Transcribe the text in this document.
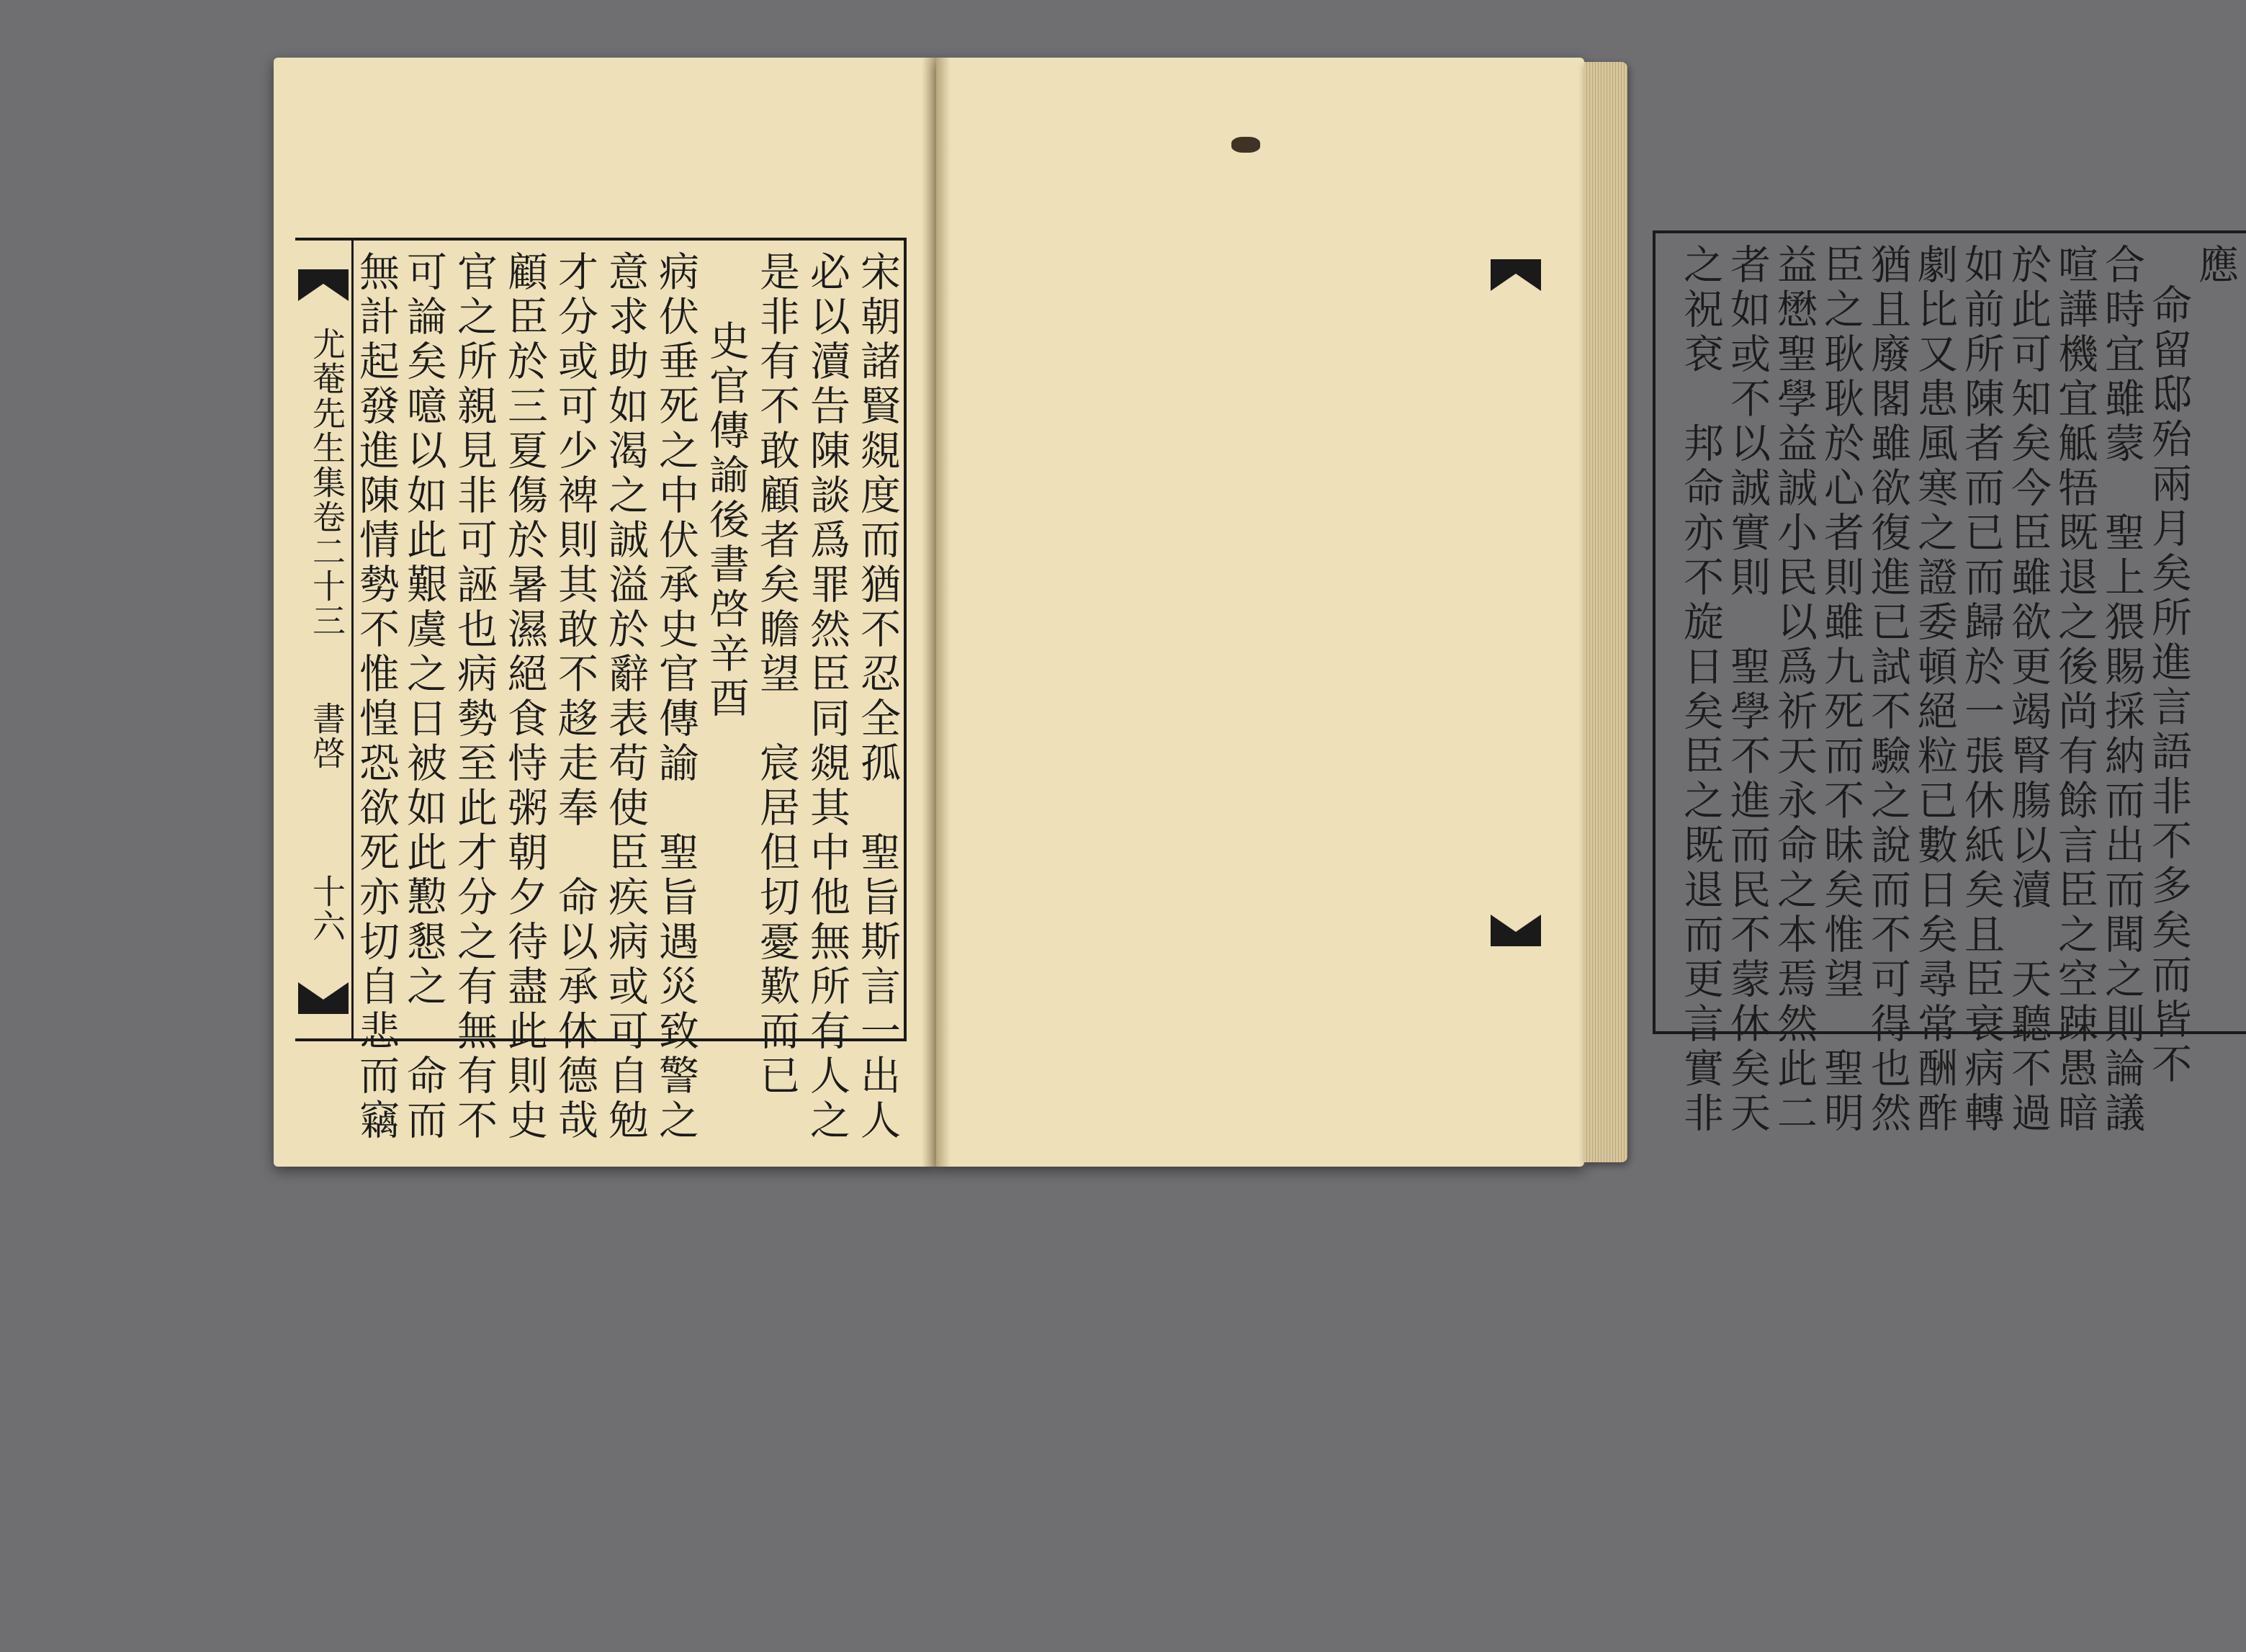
宋朝諸賢覢度而猶不忍全孤　聖旨斯言一出人
必以瀆告陳談爲罪然臣同覢其中他無所有人之
是非有不敢顧者矣瞻望　宸居但切憂歎而已
史官傳諭後書啓辛酉
病伏垂死之中伏承史官傳諭　聖旨遇災致警之
意求助如渴之誠溢於辭表苟使臣疾病或可自勉
才分或可少裨則其敢不趍走奉　命以承休德哉
顧臣於三夏傷於暑濕絕食恃粥朝夕待盡此則史
官之所親見非可誣也病勢至此才分之有無有不
可論矣噫以如此艱虞之日被如此懃懇之　命而
無計起發進陳情勢不惟惶恐欲死亦切自悲而竊
尤菴先生集卷二十三
書啓
十六
應
命留邸殆兩月矣所進言語非不多矣而皆不
合時宜雖蒙　聖上猥賜採納而出而聞之則論議
喧譁機宜觝牾既退之後尚有餘言臣之空踈愚暗
於此可知矣今臣雖欲更竭腎膓以瀆　天聽不過
如前所陳者而已而歸於一張休紙矣且臣衰病轉
劇比又患風寒之證委頓絕粒已數日矣尋常酬酢
猶且廢閣雖欲復進已試不驗之說而不可得也然
臣之耿耿於心者則雖九死而不昧矣惟望　聖明
益懋聖學益誠小民以爲祈天永命之本焉然此二
者如或不以誠實則　聖學不進而民不蒙休矣天
之祝袞　邦命亦不旋日矣臣之既退而更言實非
